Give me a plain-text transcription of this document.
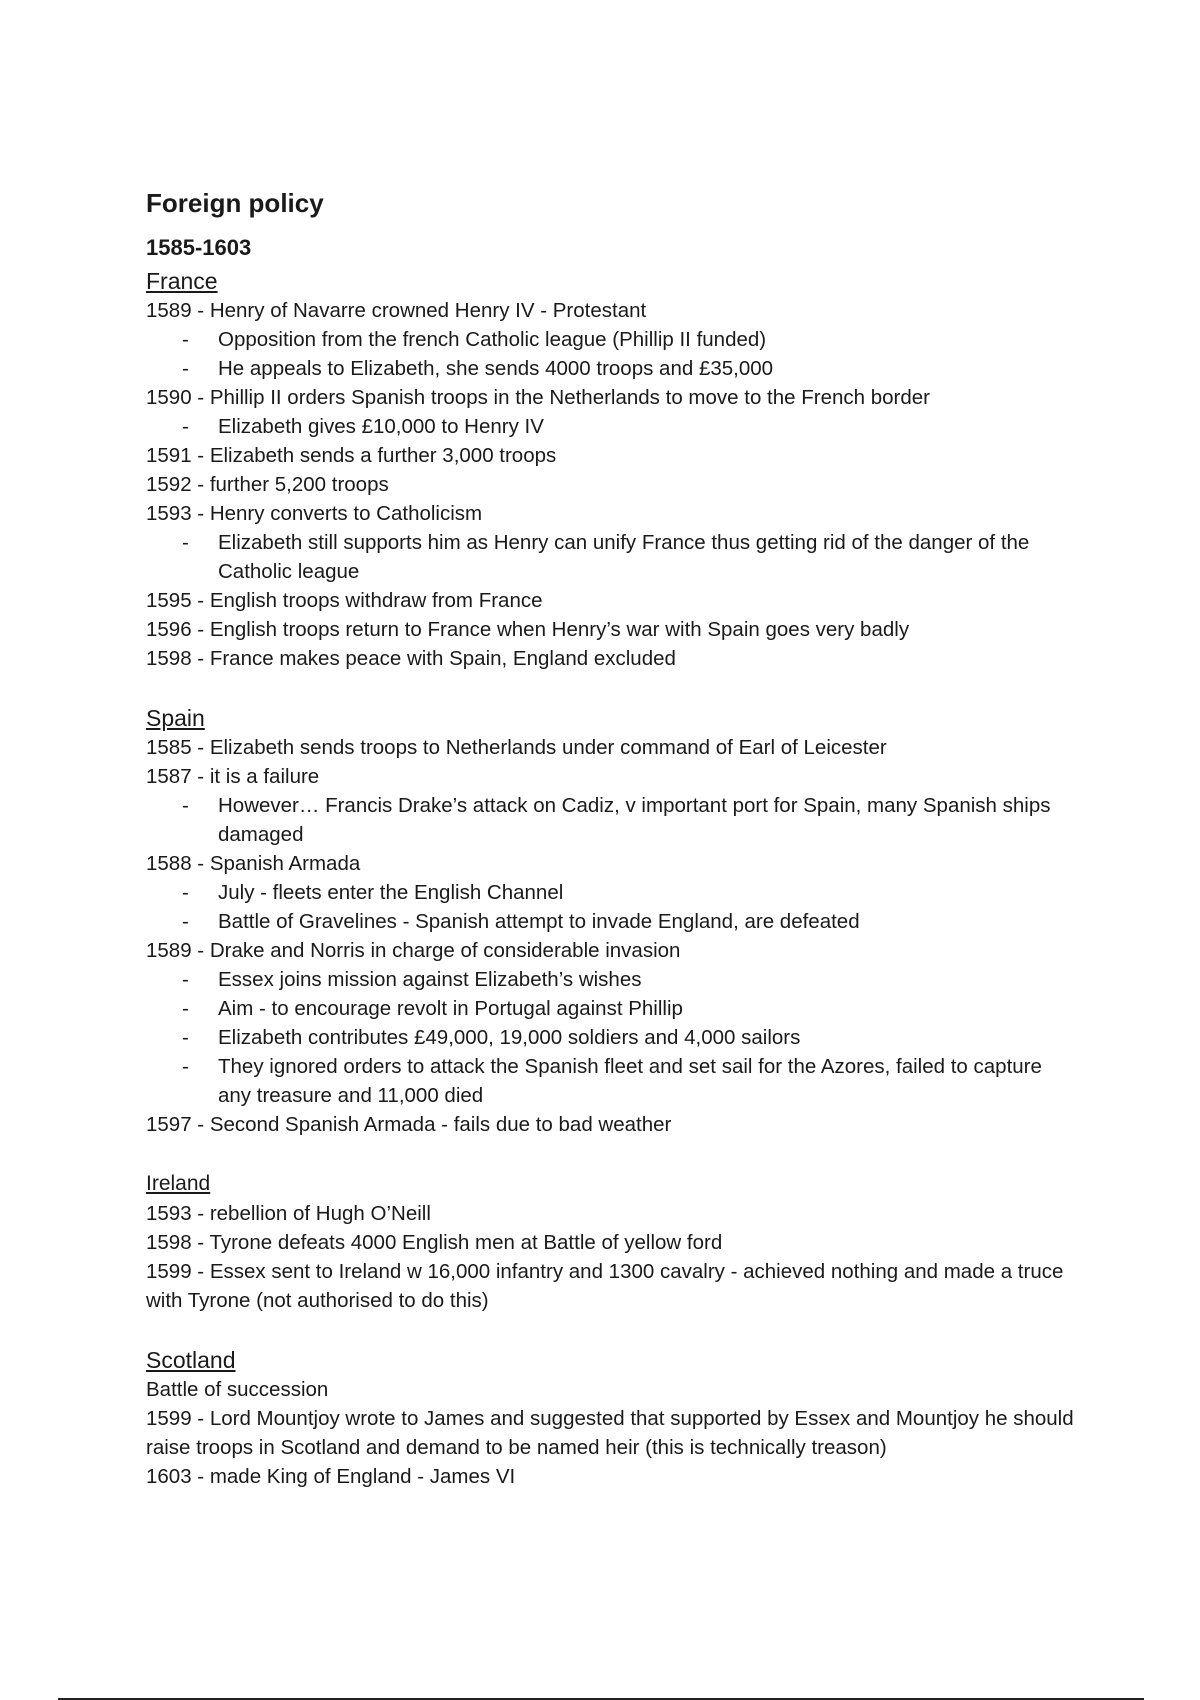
Foreign policy
1585-1603
France
1589 - Henry of Navarre crowned Henry IV - Protestant
- Opposition from the french Catholic league (Phillip II funded)
- He appeals to Elizabeth, she sends 4000 troops and £35,000
1590 - Phillip II orders Spanish troops in the Netherlands to move to the French border
- Elizabeth gives £10,000 to Henry IV
1591 - Elizabeth sends a further 3,000 troops
1592 - further 5,200 troops
1593 - Henry converts to Catholicism
- Elizabeth still supports him as Henry can unify France thus getting rid of the danger of the Catholic league
1595 - English troops withdraw from France
1596 - English troops return to France when Henry’s war with Spain goes very badly
1598 - France makes peace with Spain, England excluded
Spain
1585 - Elizabeth sends troops to Netherlands under command of Earl of Leicester
1587 - it is a failure
- However… Francis Drake’s attack on Cadiz, v important port for Spain, many Spanish ships damaged
1588 - Spanish Armada
- July - fleets enter the English Channel
- Battle of Gravelines - Spanish attempt to invade England, are defeated
1589 - Drake and Norris in charge of considerable invasion
- Essex joins mission against Elizabeth’s wishes
- Aim - to encourage revolt in Portugal against Phillip
- Elizabeth contributes £49,000, 19,000 soldiers and 4,000 sailors
- They ignored orders to attack the Spanish fleet and set sail for the Azores, failed to capture any treasure and 11,000 died
1597 - Second Spanish Armada - fails due to bad weather
Ireland
1593 - rebellion of Hugh O’Neill
1598 - Tyrone defeats 4000 English men at Battle of yellow ford
1599 - Essex sent to Ireland w 16,000 infantry and 1300 cavalry - achieved nothing and made a truce with Tyrone (not authorised to do this)
Scotland
Battle of succession
1599 - Lord Mountjoy wrote to James and suggested that supported by Essex and Mountjoy he should raise troops in Scotland and demand to be named heir (this is technically treason)
1603 - made King of England - James VI
